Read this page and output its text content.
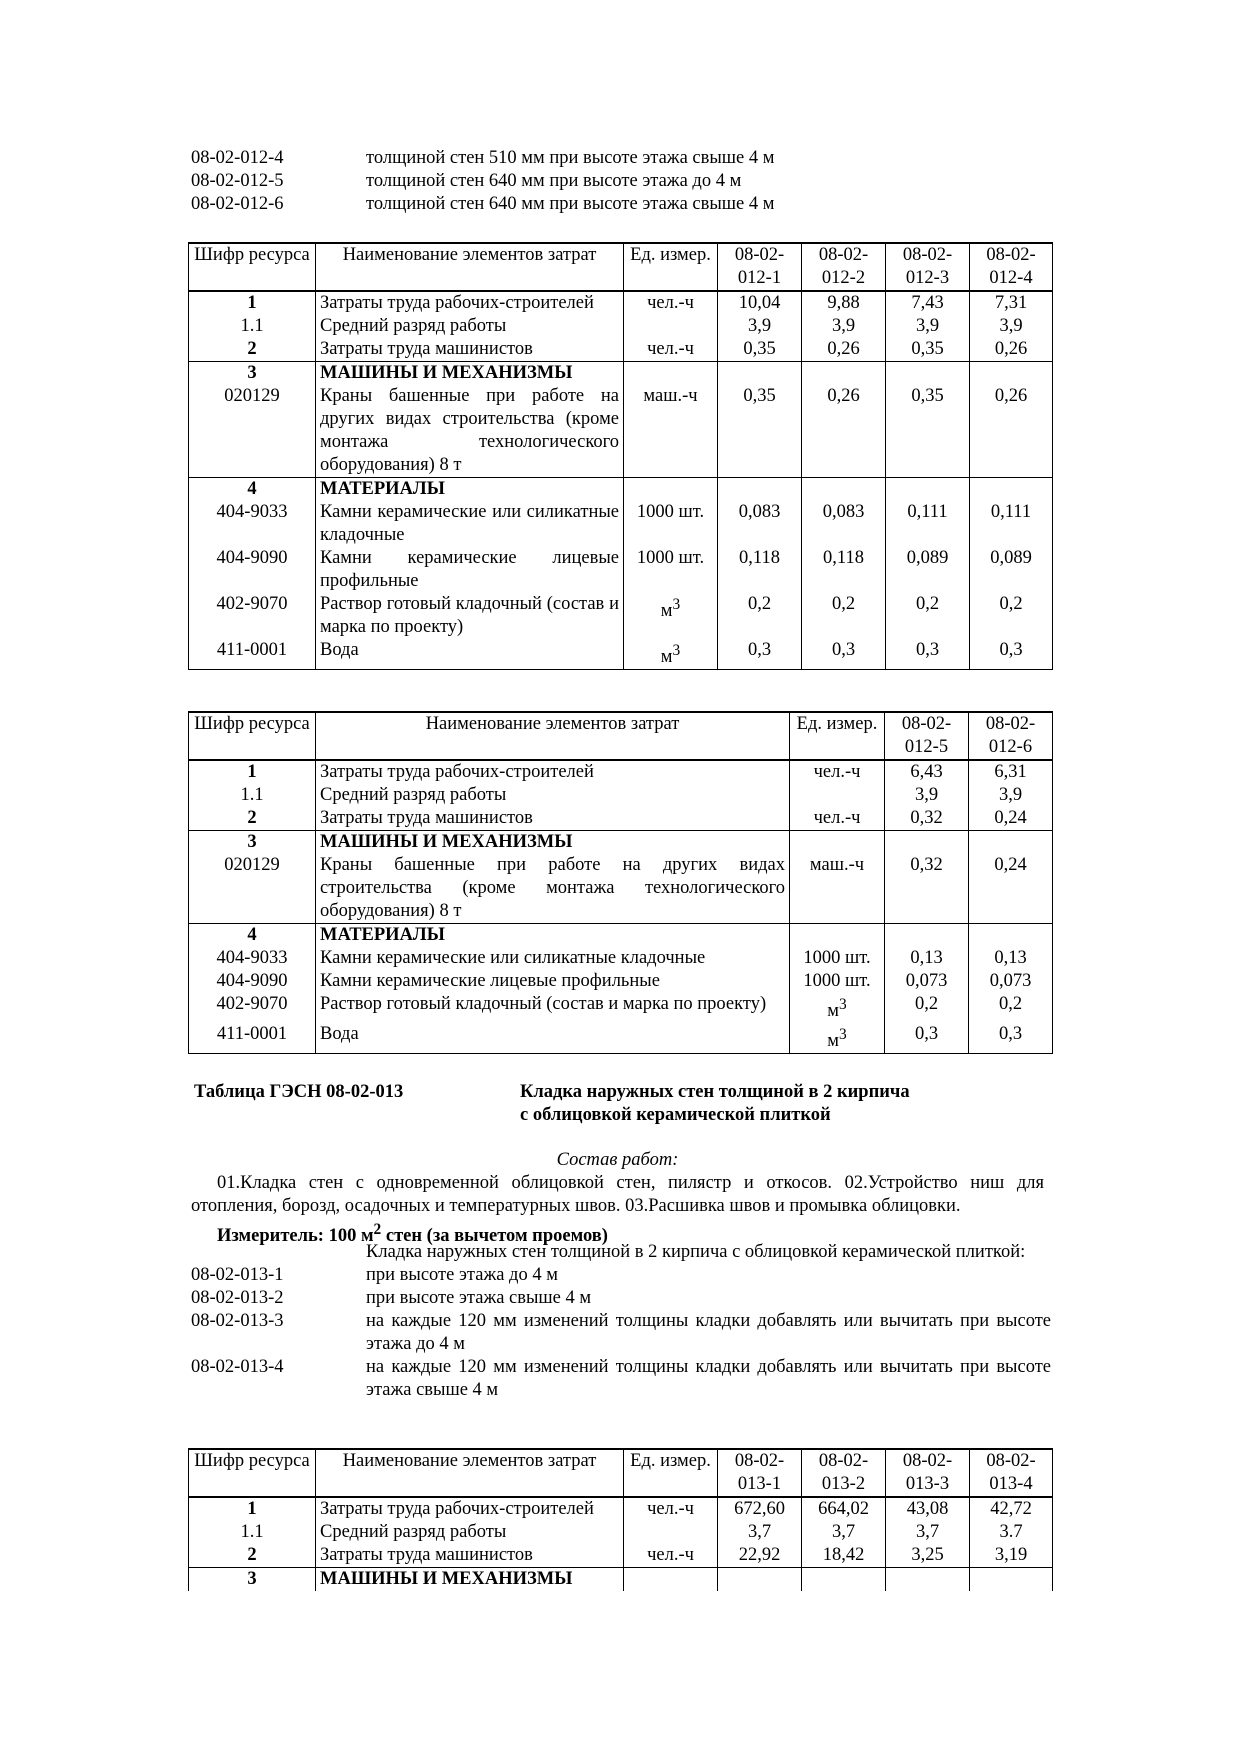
08-02-012-4	толщиной стен 510 мм при высоте этажа свыше 4 м
08-02-012-5	толщиной стен 640 мм при высоте этажа до 4 м
08-02-012-6	толщиной стен 640 мм при высоте этажа свыше 4 м
Шифр ресурса	Наименование элементов затрат	Ед. измер.	08-02-012-1	08-02-012-2	08-02-012-3	08-02-012-4
1	Затраты труда рабочих-строителей	чел.-ч	10,04	9,88	7,43	7,31
1.1	Средний разряд работы		3,9	3,9	3,9	3,9
2	Затраты труда машинистов	чел.-ч	0,35	0,26	0,35	0,26
3	МАШИНЫ И МЕХАНИЗМЫ					
020129	Краны башенные при работе на других видах строительства (кроме монтажа технологического оборудования) 8 т	маш.-ч	0,35	0,26	0,35	0,26
4	МАТЕРИАЛЫ					
404-9033	Камни керамические или силикатные кладочные	1000 шт.	0,083	0,083	0,111	0,111
404-9090	Камни керамические лицевые профильные	1000 шт.	0,118	0,118	0,089	0,089
402-9070	Раствор готовый кладочный (состав и марка по проекту)	$м^3$	0,2	0,2	0,2	0,2
411-0001	Вода	$м^3$	0,3	0,3	0,3	0,3
Шифр ресурса	Наименование элементов затрат	Ед. измер.	08-02-012-5	08-02-012-6
1	Затраты труда рабочих-строителей	чел.-ч	6,43	6,31
1.1	Средний разряд работы		3,9	3,9
2	Затраты труда машинистов	чел.-ч	0,32	0,24
3	МАШИНЫ И МЕХАНИЗМЫ			
020129	Краны башенные при работе на других видах строительства (кроме монтажа технологического оборудования) 8 т	маш.-ч	0,32	0,24
4	МАТЕРИАЛЫ			
404-9033	Камни керамические или силикатные кладочные	1000 шт.	0,13	0,13
404-9090	Камни керамические лицевые профильные	1000 шт.	0,073	0,073
402-9070	Раствор готовый кладочный (состав и марка по проекту)	$м^3$	0,2	0,2
411-0001	Вода	$м^3$	0,3	0,3
Таблица ГЭСН 08-02-013	Кладка наружных стен толщиной в 2 кирпича
с облицовкой керамической плиткой
Состав работ:
01.Кладка стен с одновременной облицовкой стен, пилястр и откосов. 02.Устройство ниш для отопления, борозд, осадочных и температурных швов. 03.Расшивка швов и промывка облицовки.
Измеритель: 100 $м^2$ стен (за вычетом проемов)
Кладка наружных стен толщиной в 2 кирпича с облицовкой керамической плиткой:
08-02-013-1	при высоте этажа до 4 м
08-02-013-2	при высоте этажа свыше 4 м
08-02-013-3	на каждые 120 мм изменений толщины кладки добавлять или вычитать при высоте этажа до 4 м
08-02-013-4	на каждые 120 мм изменений толщины кладки добавлять или вычитать при высоте этажа свыше 4 м
Шифр ресурса	Наименование элементов затрат	Ед. измер.	08-02-013-1	08-02-013-2	08-02-013-3	08-02-013-4
1	Затраты труда рабочих-строителей	чел.-ч	672,60	664,02	43,08	42,72
1.1	Средний разряд работы		3,7	3,7	3,7	3.7
2	Затраты труда машинистов	чел.-ч	22,92	18,42	3,25	3,19
3	МАШИНЫ И МЕХАНИЗМЫ					
